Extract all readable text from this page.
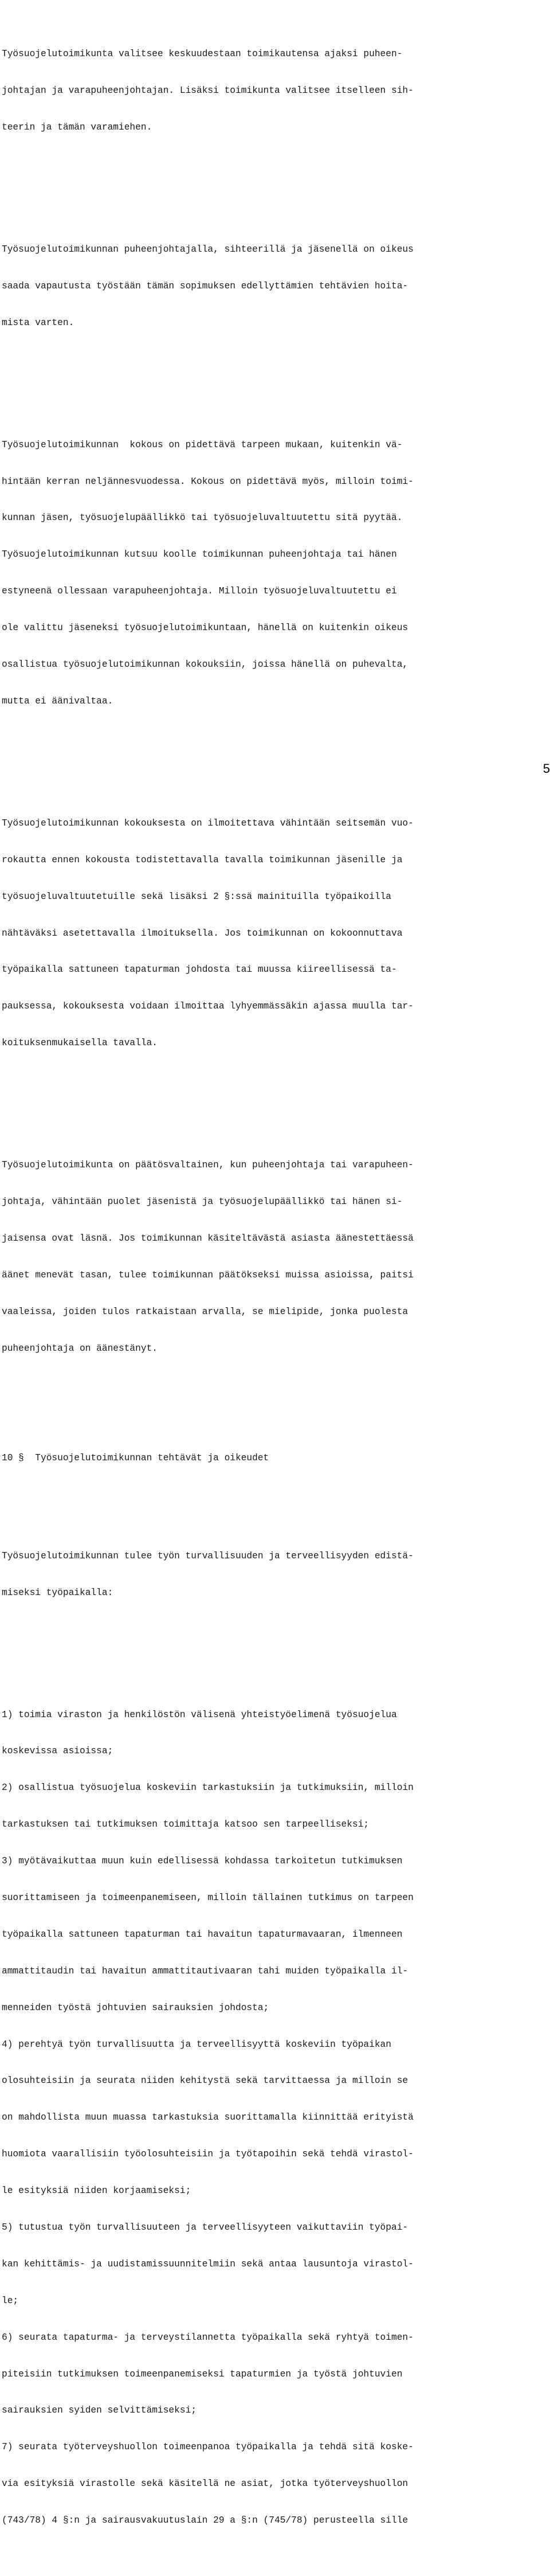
Työsuojelutoimikunta valitsee keskuudestaan toimikautensa ajaksi puheen-

johtajan ja varapuheenjohtajan. Lisäksi toimikunta valitsee itselleen sih-

teerin ja tämän varamiehen.

Työsuojelutoimikunnan puheenjohtajalla, sihteerillä ja jäsenellä on oikeus

saada vapautusta työstään tämän sopimuksen edellyttämien tehtävien hoita-

mista varten.

Työsuojelutoimikunnan  kokous on pidettävä tarpeen mukaan, kuitenkin vä-

hintään kerran neljännesvuodessa. Kokous on pidettävä myös, milloin toimi-

kunnan jäsen, työsuojelupäällikkö tai työsuojeluvaltuutettu sitä pyytää.

Työsuojelutoimikunnan kutsuu koolle toimikunnan puheenjohtaja tai hänen

estyneenä ollessaan varapuheenjohtaja. Milloin työsuojeluvaltuutettu ei

ole valittu jäseneksi työsuojelutoimikuntaan, hänellä on kuitenkin oikeus

osallistua työsuojelutoimikunnan kokouksiin, joissa hänellä on puhevalta,

mutta ei äänivaltaa.

Työsuojelutoimikunnan kokouksesta on ilmoitettava vähintään seitsemän vuo-

rokautta ennen kokousta todistettavalla tavalla toimikunnan jäsenille ja

työsuojeluvaltuutetuille sekä lisäksi 2 §:ssä mainituilla työpaikoilla

nähtäväksi asetettavalla ilmoituksella. Jos toimikunnan on kokoonnuttava

työpaikalla sattuneen tapaturman johdosta tai muussa kiireellisessä ta-

pauksessa, kokouksesta voidaan ilmoittaa lyhyemmässäkin ajassa muulla tar-

koituksenmukaisella tavalla.

Työsuojelutoimikunta on päätösvaltainen, kun puheenjohtaja tai varapuheen-

johtaja, vähintään puolet jäsenistä ja työsuojelupäällikkö tai hänen si-

jaisensa ovat läsnä. Jos toimikunnan käsiteltävästä asiasta äänestettäessä

äänet menevät tasan, tulee toimikunnan päätökseksi muissa asioissa, paitsi

vaaleissa, joiden tulos ratkaistaan arvalla, se mielipide, jonka puolesta

puheenjohtaja on äänestänyt.

10 §  Työsuojelutoimikunnan tehtävät ja oikeudet

Työsuojelutoimikunnan tulee työn turvallisuuden ja terveellisyyden edistä-

miseksi työpaikalla:

1) toimia viraston ja henkilöstön välisenä yhteistyöelimenä työsuojelua

koskevissa asioissa;

2) osallistua työsuojelua koskeviin tarkastuksiin ja tutkimuksiin, milloin

tarkastuksen tai tutkimuksen toimittaja katsoo sen tarpeelliseksi;

3) myötävaikuttaa muun kuin edellisessä kohdassa tarkoitetun tutkimuksen

suorittamiseen ja toimeenpanemiseen, milloin tällainen tutkimus on tarpeen

työpaikalla sattuneen tapaturman tai havaitun tapaturmavaaran, ilmenneen

ammattitaudin tai havaitun ammattitautivaaran tahi muiden työpaikalla il-

menneiden työstä johtuvien sairauksien johdosta;

4) perehtyä työn turvallisuutta ja terveellisyyttä koskeviin työpaikan

olosuhteisiin ja seurata niiden kehitystä sekä tarvittaessa ja milloin se

on mahdollista muun muassa tarkastuksia suorittamalla kiinnittää erityistä

huomiota vaarallisiin työolosuhteisiin ja työtapoihin sekä tehdä virastol-

le esityksiä niiden korjaamiseksi;

5) tutustua työn turvallisuuteen ja terveellisyyteen vaikuttaviin työpai-

kan kehittämis- ja uudistamissuunnitelmiin sekä antaa lausuntoja virastol-

le;

6) seurata tapaturma- ja terveystilannetta työpaikalla sekä ryhtyä toimen-

piteisiin tutkimuksen toimeenpanemiseksi tapaturmien ja työstä johtuvien

sairauksien syiden selvittämiseksi;

7) seurata työterveyshuollon toimeenpanoa työpaikalla ja tehdä sitä koske-

via esityksiä virastolle sekä käsitellä ne asiat, jotka työterveyshuollon

(743/78) 4 §:n ja sairausvakuutuslain 29 a §:n (745/78) perusteella sille

5
